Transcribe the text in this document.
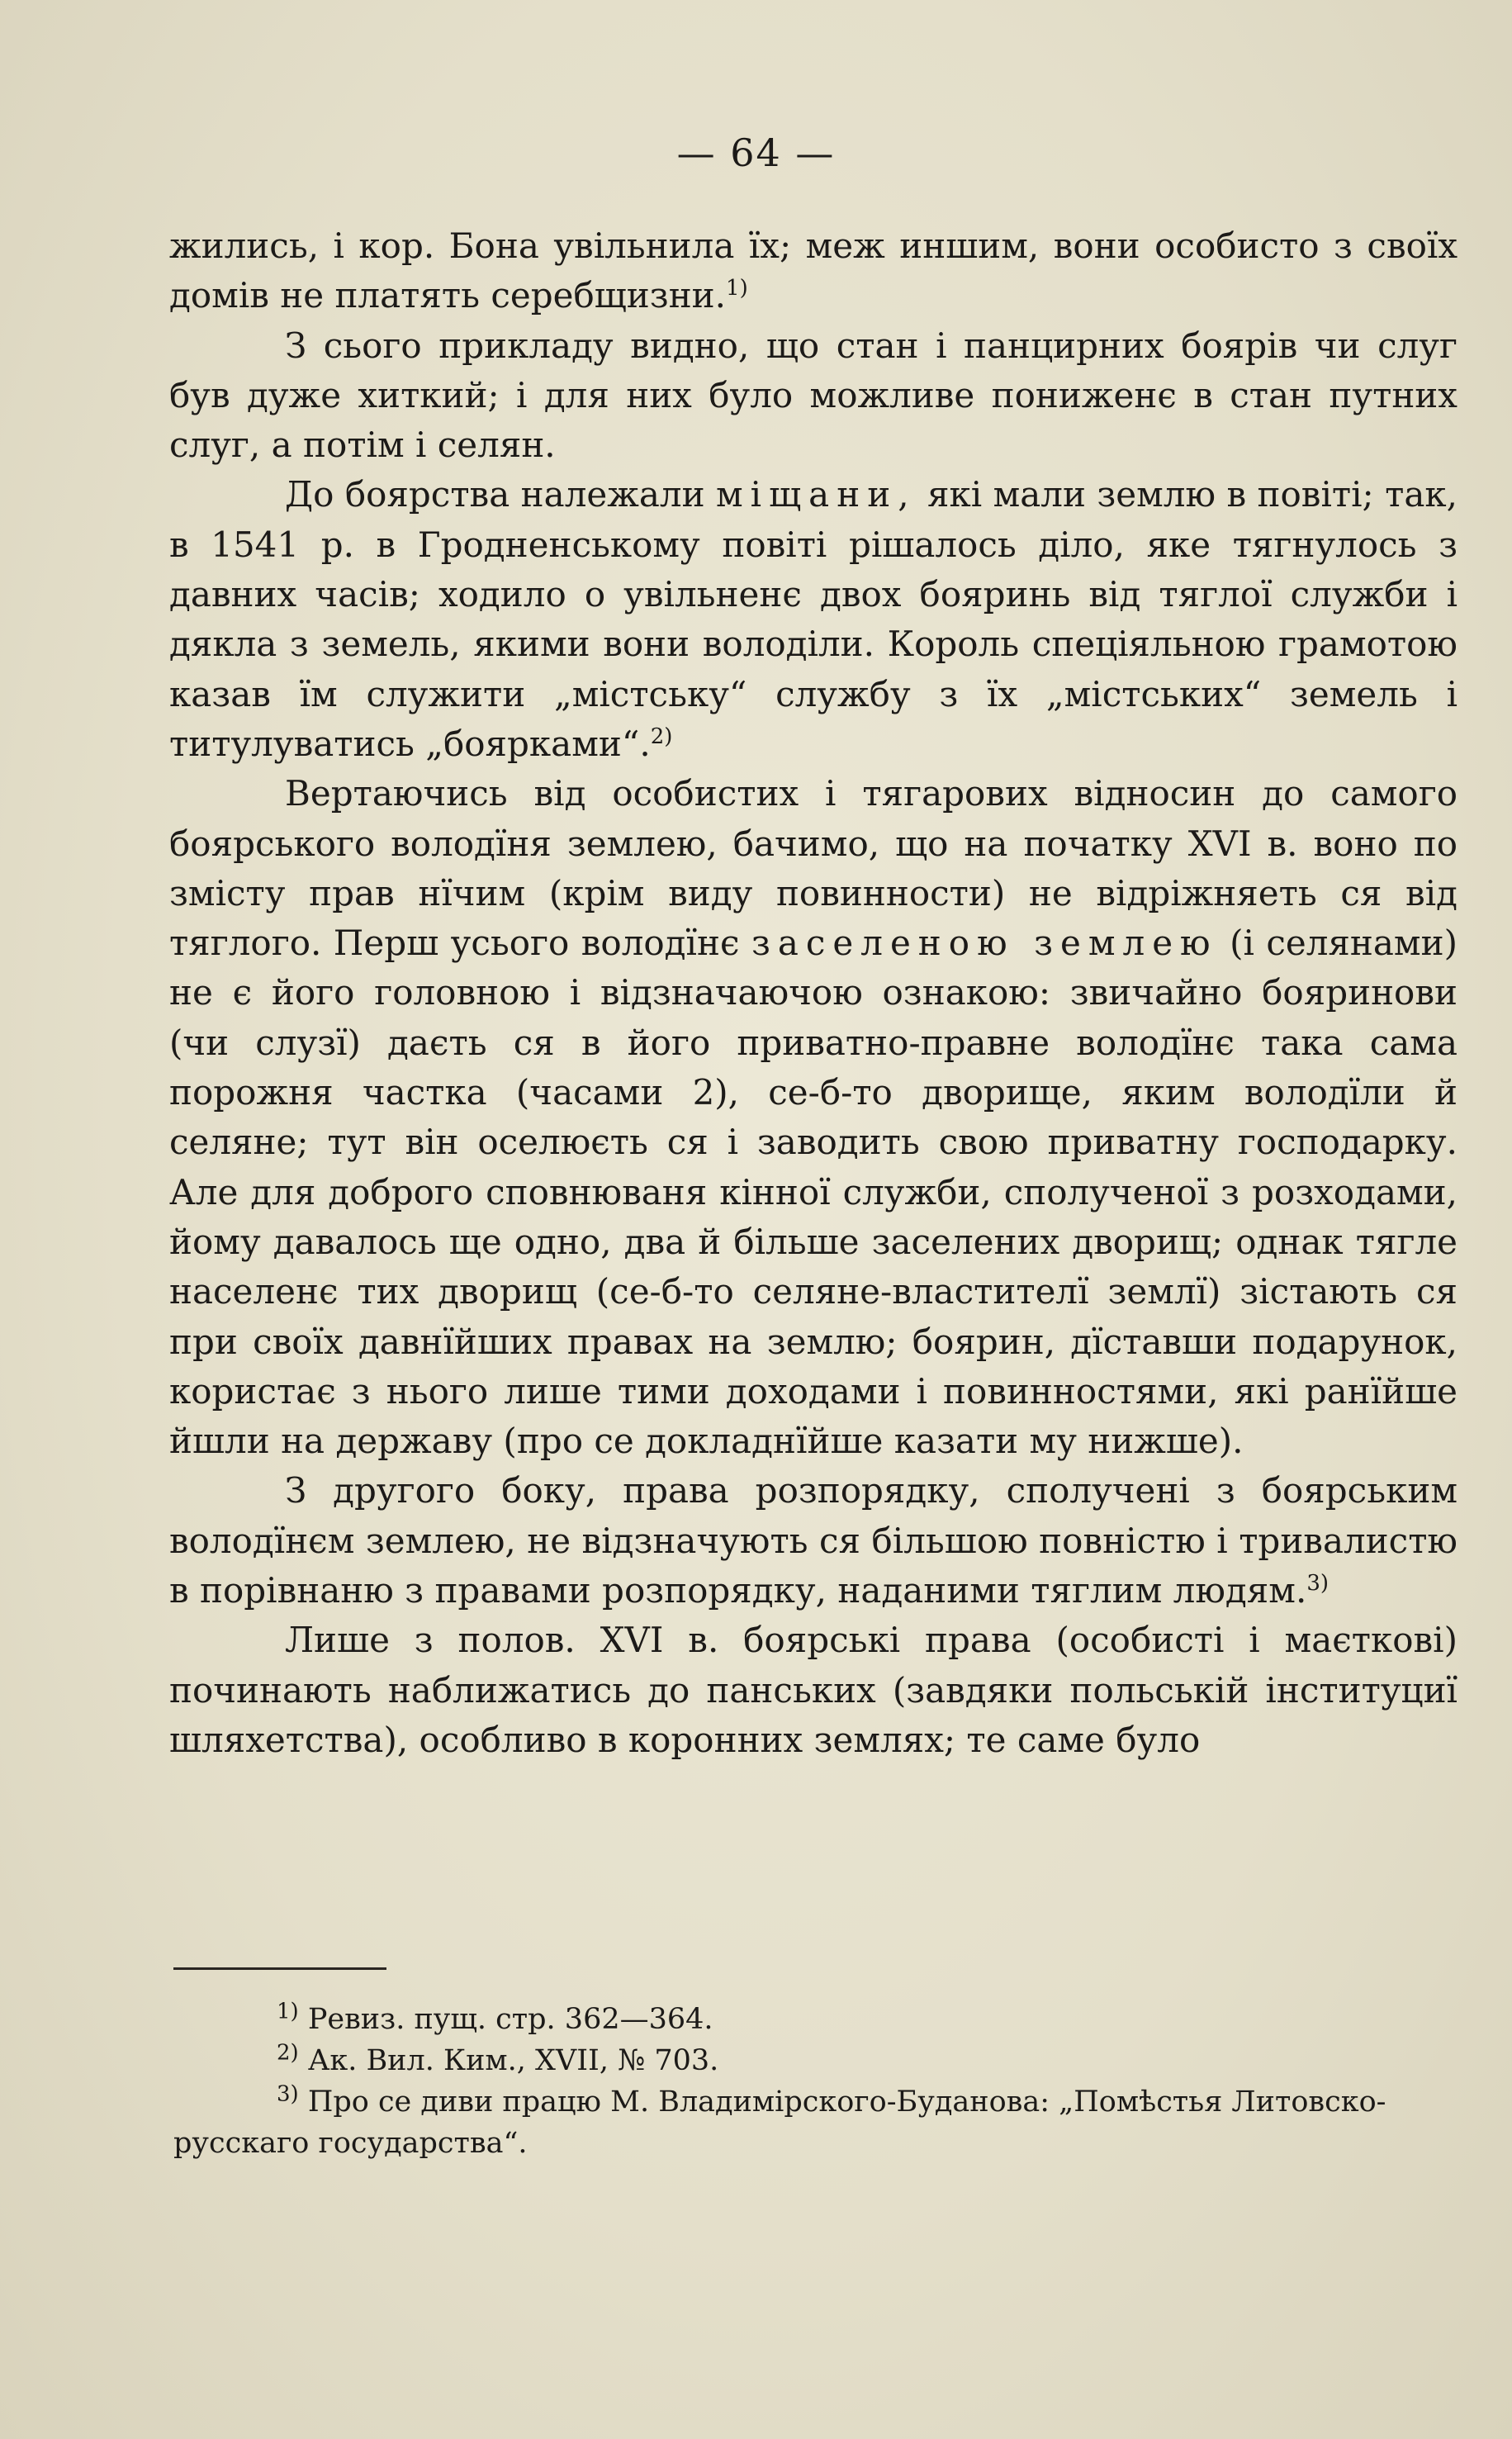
— 64 —

жились, і кор. Бона увільнила їх; меж иншим, вони особисто з своїх домів не платять серебщизни.$^{1)}$

З сього прикладу видно, що стан і панцирних боярів чи слуг був дуже хиткий; і для них було можливе пониженє в стан путних слуг, а потім і селян.

До боярства належали міщани, які мали землю в повіті; так, в 1541 р. в Гродненському повіті рішалось діло, яке тягнулось з давних часів; ходило о увільненє двох бояринь від тяглої служби і дякла з земель, якими вони володіли. Король спеціяльною грамотою казав їм служити „містську“ службу з їх „містських“ земель і титулуватись „боярками“.$^{2)}$

Вертаючись від особистих і тягарових відносин до самого боярського володїня землею, бачимо, що на початку XVI в. воно по змісту прав нїчим (крім виду повинности) не відріжняеть ся від тяглого. Перш усього володїнє заселеною землею (і селянами) не є його головною і відзначаючою ознакою: звичайно бояринови (чи слузї) даєть ся в його приватно-правне володїнє така сама порожня частка (часами 2), се-б-то дворище, яким володїли й селяне; тут він оселюєть ся і заводить свою приватну господарку. Але для доброго сповнюваня кінної служби, сполученої з розходами, йому давалось ще одно, два й більше заселених дворищ; однак тягле населенє тих дворищ (се-б-то селяне-властителї землї) зістають ся при своїх давнїйших правах на землю; боярин, дїставши подарунок, користає з нього лише тими доходами і повинностями, які ранїйше йшли на державу (про се докладнїйше казати му нижше).

З другого боку, права розпорядку, сполучені з боярським володїнєм землею, не відзначують ся більшою повністю і тривалистю в порівнаню з правами розпорядку, наданими тяглим людям.$^{3)}$

Лише з полов. XVI в. боярські права (особисті і маєткові) починають наближатись до панських (завдяки польській інституциї шляхетства), особливо в коронних землях; те саме було

$^{1)}$ Ревиз. пущ. стр. 362—364.

$^{2)}$ Ак. Вил. Ким., XVII, № 703.

$^{3)}$ Про се диви працю М. Владимірского-Буданова: „Помѣстья Литовско-русскаго государства“.
